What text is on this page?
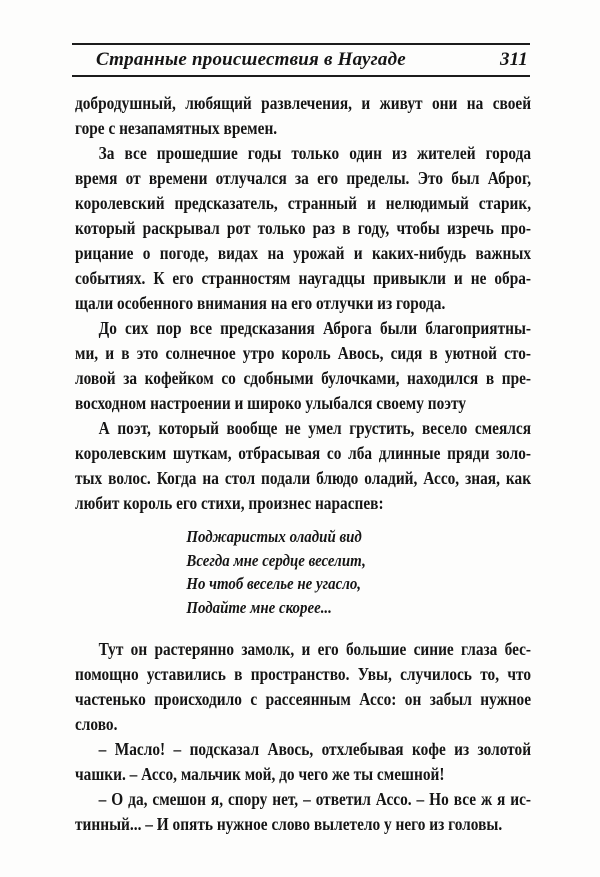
Странные происшествия в Наугаде	311
добродушный, любящий развлечения, и живут они на своей
горе с незапамятных времен.
За все прошедшие годы только один из жителей города
время от времени отлучался за его пределы. Это был Аброг,
королевский предсказатель, странный и нелюдимый старик,
который раскрывал рот только раз в году, чтобы изречь про-
рицание о погоде, видах на урожай и каких-нибудь важных
событиях. К его странностям наугадцы привыкли и не обра-
щали особенного внимания на его отлучки из города.
До сих пор все предсказания Аброга были благоприятны-
ми, и в это солнечное утро король Авось, сидя в уютной сто-
ловой за кофейком со сдобными булочками, находился в пре-
восходном настроении и широко улыбался своему поэту
А поэт, который вообще не умел грустить, весело смеялся
королевским шуткам, отбрасывая со лба длинные пряди золо-
тых волос. Когда на стол подали блюдо оладий, Ассо, зная, как
любит король его стихи, произнес нараспев:
Поджаристых оладий вид
Всегда мне сердце веселит,
Но чтоб веселье не угасло,
Подайте мне скорее...
Тут он растерянно замолк, и его большие синие глаза бес-
помощно уставились в пространство. Увы, случилось то, что
частенько происходило с рассеянным Ассо: он забыл нужное
слово.
– Масло! – подсказал Авось, отхлебывая кофе из золотой
чашки. – Ассо, мальчик мой, до чего же ты смешной!
– О да, смешон я, спору нет, – ответил Ассо. – Но все ж я ис-
тинный... – И опять нужное слово вылетело у него из головы.
